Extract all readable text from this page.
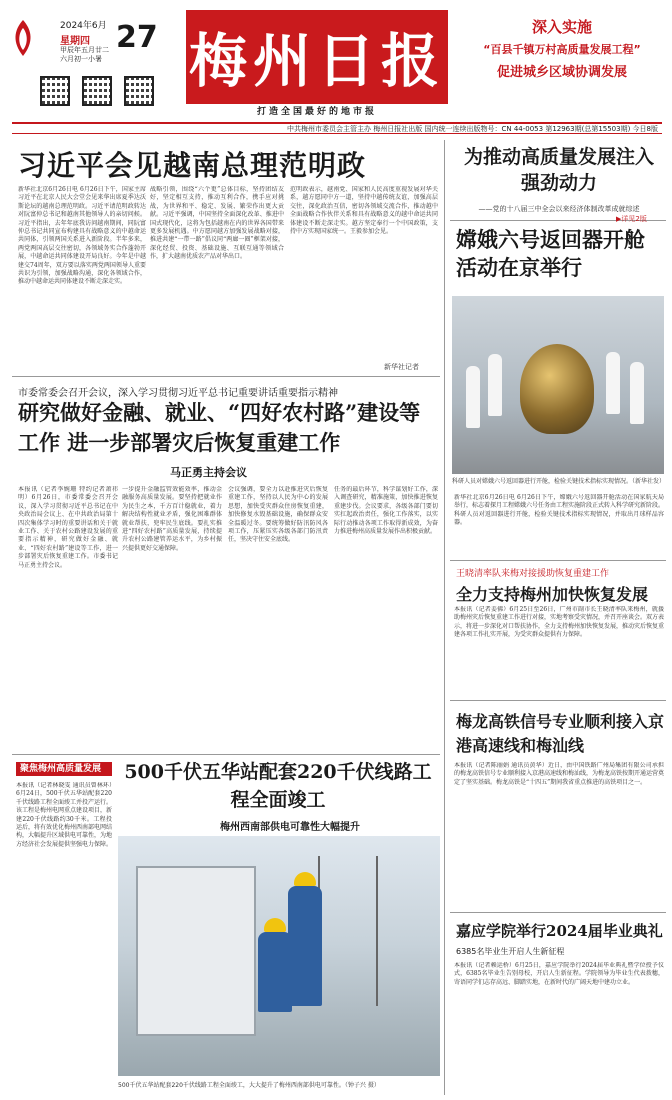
2024年6月
星期四
甲辰年五月廿二
六月初一小暑
27 梅州日报
打造全国最好的地市报
深入实施
“百县千镇万村高质量发展工程”
促进城乡区域协调发展
中共梅州市委员会主管主办 梅州日报社出版 国内统一连续出版物号：CN 44-0053 第12963期(总第15503期) 今日8版
习近平会见越南总理范明政
新华社北京6月26日电 6月26日下午，国家主席习近平在北京人民大会堂会见来华出席夏季达沃斯论坛的越南总理范明政。习近平请范明政转达对阮富仲总书记和越南其他领导人的亲切问候。习近平指出，去年年底我访问越南期间，同阮富仲总书记共同宣布构建具有战略意义的中越命运共同体，引领两国关系进入新阶段。半年多来，两党两国高层交往密切，各领域务实合作蓬勃开展，中越命运共同体建设开局良好。今年是中越建交74周年，双方要以落实两党两国领导人重要共识为引领，加强战略沟通，深化各领域合作，推动中越命运共同体建设不断走深走实。
战略引领，围绕“六个更”总体目标，坚持团结友好，坚定相互支持，推动互利合作，携手应对挑战，为世界和平、稳定、发展、繁荣作出更大贡献。习近平强调，中国坚持全面深化改革、推进中国式现代化，这将为包括越南在内的世界各国带来更多发展机遇。中方愿同越方加强发展战略对接，推进共建“一带一路”倡议同“两廊一圈”框架对接，深化经贸、投资、基础设施、互联互通等领域合作，扩大越南优质农产品对华出口。
范明政表示，越南党、国家和人民高度重视发展对华关系，越方愿同中方一道，坚持中越传统友谊，加强高层交往，深化政治互信，密切各领域交流合作，推动越中全面战略合作伙伴关系和具有战略意义的越中命运共同体建设不断走深走实。越方坚定奉行一个中国政策，支持中方实现国家统一。王毅参加会见。
新华社记者
市委常委会召开会议，深入学习贯彻习近平总书记重要讲话重要指示精神
研究做好金融、就业、“四好农村路”建设等工作 进一步部署灾后恢复重建工作
马正勇主持会议
本报讯（记者李婉珊 特约记者萧祎明）6月26日，市委常委会召开会议，深入学习贯彻习近平总书记在中央政治局会议上、在中共政治局第十四次集体学习时的重要讲话和关于就业工作、关于农村公路建设发展的重要指示精神，研究做好金融、就业、“四好农村路”建设等工作，进一步部署灾后恢复重建工作。市委书记马正勇主持会议。
一步提升金融监管效能效率，推动金融服务高质量发展。要坚持把就业作为民生之本，千方百计稳就业，着力解决结构性就业矛盾，强化困难群体就业帮扶，兜牢民生底线。要扎实推进“四好农村路”高质量发展，持续提升农村公路建管养运水平，为乡村振兴提供更好交通保障。
会议强调，要全力以赴推进灾后恢复重建工作，坚持以人民为中心的发展思想，加快受灾群众住房恢复重建，加快修复水毁基础设施，确保群众安全温暖过冬。要统筹做好防汛防风各项工作，压紧压实各级各部门防汛责任，坚决守住安全底线。
任务的最后环节，科学谋划好工作，深入调查研究，精准施策，加快推进恢复重建步伐。会议要求，各级各部门要切实扛起政治责任，强化工作落实，以实际行动推动各项工作取得新成效，为奋力推进梅州高质量发展作出积极贡献。
聚焦梅州高质量发展	500千伏五华站配套220千伏线路工程全面竣工
梅州西南部供电可靠性大幅提升
本报讯（记者林晓雯 通讯员曾林环）6月24日，500千伏五华站配套220千伏线路工程全面竣工并投产运行。该工程是梅州电网重点建设项目，新建220千伏线路约30千米。工程投运后，将有效优化梅州西南部电网结构，大幅提升区域供电可靠性，为地方经济社会发展提供坚强电力保障。
500千伏五华站配套220千伏线路工程全面竣工，大大提升了梅州西南部供电可靠性。（钟子兴 摄）
为推动高质量发展注入强劲动力
——党的十八届三中全会以来经济体制改革成就综述
▶详见2版
嫦娥六号返回器开舱活动在京举行
科研人员对嫦娥六号返回器进行开舱，检验关键技术指标实现情况。（新华社发）
新华社北京6月26日电 6月26日下午，嫦娥六号返回器开舱活动在国家航天局举行，标志着探月工程嫦娥六号任务由工程实施阶段正式转入科学研究新阶段。科研人员对返回器进行开舱，检验关键技术指标实现情况，并取出月球样品容器。
王晓清率队来梅对接援助恢复重建工作
全力支持梅州加快恢复发展
本报讯（记者姜佛）6月25日至26日，广州市副市长王晓清率队来梅州，就援助梅州灾后恢复重建工作进行对接，实地考察受灾情况，并召开座谈会。双方表示，将进一步深化对口帮扶协作，全力支持梅州加快恢复发展，推动灾后恢复重建各项工作扎实开展，为受灾群众提供有力保障。
梅龙高铁信号专业顺利接入京港高速线和梅汕线
本报讯（记者陈丽娟 通讯员黄华）近日，由中国铁路广州局集团有限公司承担的梅龙高铁信号专业顺利接入京港高速线和梅汕线，为梅龙高铁按期开通运营奠定了坚实基础。梅龙高铁是“十四五”期间我省重点推进的高铁项目之一。
嘉应学院举行2024届毕业典礼
6385名毕业生开启人生新征程
本报讯（记者赖运桥）6月25日，嘉应学院举行2024届毕业典礼暨学位授予仪式，6385名毕业生告别母校，开启人生新征程。学院领导为毕业生代表拨穗，寄语同学们志存高远、脚踏实地，在新时代的广阔天地中建功立业。
